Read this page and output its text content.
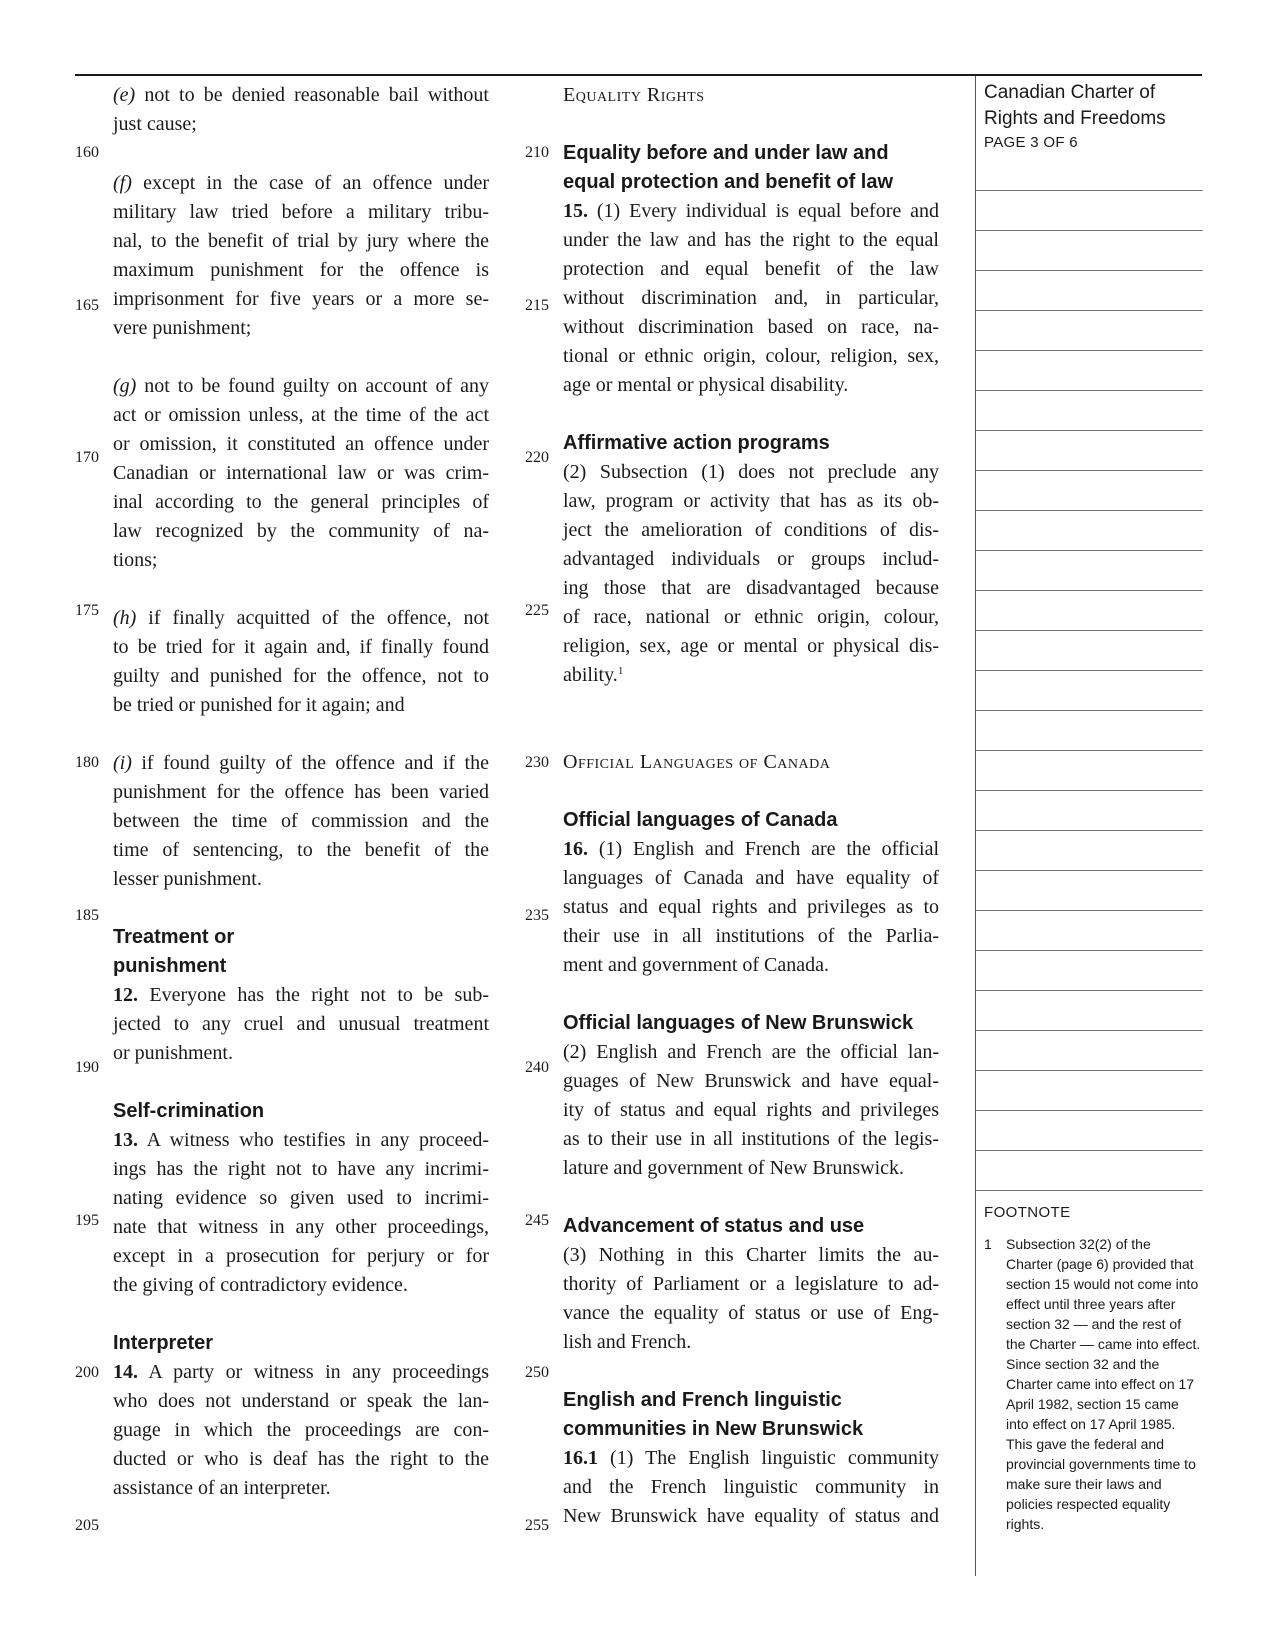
160
165
170
175
180
185
190
195
200
205
210
215
220
225
230
235
240
245
250
255
(e) not to be denied reasonable bail without
just cause;
(f) except in the case of an offence under
military law tried before a military tribu-
nal, to the benefit of trial by jury where the
maximum punishment for the offence is
imprisonment for five years or a more se-
vere punishment;
(g) not to be found guilty on account of any
act or omission unless, at the time of the act
or omission, it constituted an offence under
Canadian or international law or was crim-
inal according to the general principles of
law recognized by the community of na-
tions;
(h) if finally acquitted of the offence, not
to be tried for it again and, if finally found
guilty and punished for the offence, not to
be tried or punished for it again; and
(i) if found guilty of the offence and if the
punishment for the offence has been varied
between the time of commission and the
time of sentencing, to the benefit of the
lesser punishment.
Treatment or
punishment
12. Everyone has the right not to be sub-
jected to any cruel and unusual treatment
or punishment.
Self-crimination
13. A witness who testifies in any proceed-
ings has the right not to have any incrimi-
nating evidence so given used to incrimi-
nate that witness in any other proceedings,
except in a prosecution for perjury or for
the giving of contradictory evidence.
Interpreter
14. A party or witness in any proceedings
who does not understand or speak the lan-
guage in which the proceedings are con-
ducted or who is deaf has the right to the
assistance of an interpreter.
Equality Rights
Equality before and under law and
equal protection and benefit of law
15. (1) Every individual is equal before and
under the law and has the right to the equal
protection and equal benefit of the law
without discrimination and, in particular,
without discrimination based on race, na-
tional or ethnic origin, colour, religion, sex,
age or mental or physical disability.
Affirmative action programs
(2) Subsection (1) does not preclude any
law, program or activity that has as its ob-
ject the amelioration of conditions of dis-
advantaged individuals or groups includ-
ing those that are disadvantaged because
of race, national or ethnic origin, colour,
religion, sex, age or mental or physical dis-
ability.$^1$
Official Languages of Canada
Official languages of Canada
16. (1) English and French are the official
languages of Canada and have equality of
status and equal rights and privileges as to
their use in all institutions of the Parlia-
ment and government of Canada.
Official languages of New Brunswick
(2) English and French are the official lan-
guages of New Brunswick and have equal-
ity of status and equal rights and privileges
as to their use in all institutions of the legis-
lature and government of New Brunswick.
Advancement of status and use
(3) Nothing in this Charter limits the au-
thority of Parliament or a legislature to ad-
vance the equality of status or use of Eng-
lish and French.
English and French linguistic
communities in New Brunswick
16.1 (1) The English linguistic community
and the French linguistic community in
New Brunswick have equality of status and
Canadian Charter of
Rights and Freedoms
PAGE 3 OF 6
FOOTNOTE
1 Subsection 32(2) of the Charter (page 6) provided that section 15 would not come into effect until three years after section 32 — and the rest of the Charter — came into effect. Since section 32 and the Charter came into effect on 17 April 1982, section 15 came into effect on 17 April 1985. This gave the federal and provincial governments time to make sure their laws and policies respected equality rights.
